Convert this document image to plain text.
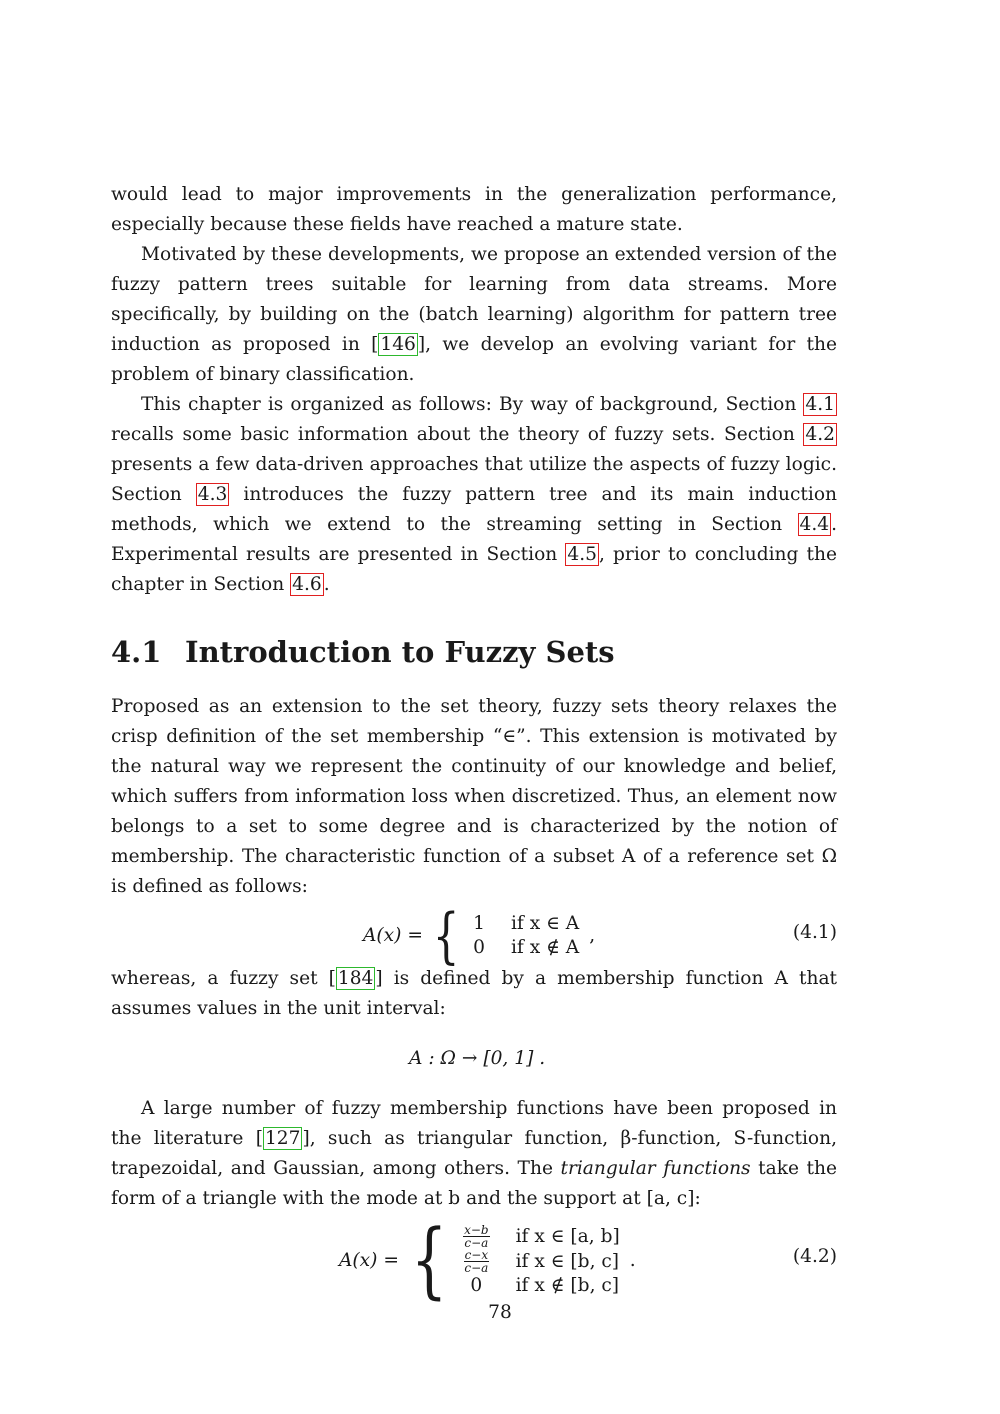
would lead to major improvements in the generalization performance, especially because these fields have reached a mature state.

Motivated by these developments, we propose an extended version of the fuzzy pattern trees suitable for learning from data streams. More specifically, by building on the (batch learning) algorithm for pattern tree induction as proposed in [ 146 ], we develop an evolving variant for the problem of binary classification.

This chapter is organized as follows: By way of background, Section 4.1 recalls some basic information about the theory of fuzzy sets. Section 4.2 presents a few data-driven approaches that utilize the aspects of fuzzy logic. Section 4.3 introduces the fuzzy pattern tree and its main induction methods, which we extend to the streaming setting in Section 4.4 . Experimental results are presented in Section 4.5 , prior to concluding the chapter in Section 4.6 .

4.1 Introduction to Fuzzy Sets

Proposed as an extension to the set theory, fuzzy sets theory relaxes the crisp definition of the set membership “∈”. This extension is motivated by the natural way we represent the continuity of our knowledge and belief, which suffers from information loss when discretized. Thus, an element now belongs to a set to some degree and is characterized by the notion of membership. The characteristic function of a subset A of a reference set Ω is defined as follows:

A(x) = { 1	if x ∈ A
0	if x ∉ A
,	(4.1)

whereas, a fuzzy set [ 184 ] is defined by a membership function A that assumes values in the unit interval:

A : Ω → [0, 1] .

A large number of fuzzy membership functions have been proposed in the literature [ 127 ], such as triangular function, β-function, S-function, trapezoidal, and Gaussian, among others. The triangular functions take the form of a triangle with the mode at b and the support at [a, c]:

A(x) = { $\frac{x-b}{c-a}$	if x ∈ [a, b]

$\frac{c-x}{c-a}$	if x ∈ [b, c]
0	if x ∉ [b, c]
.	(4.2)
78
